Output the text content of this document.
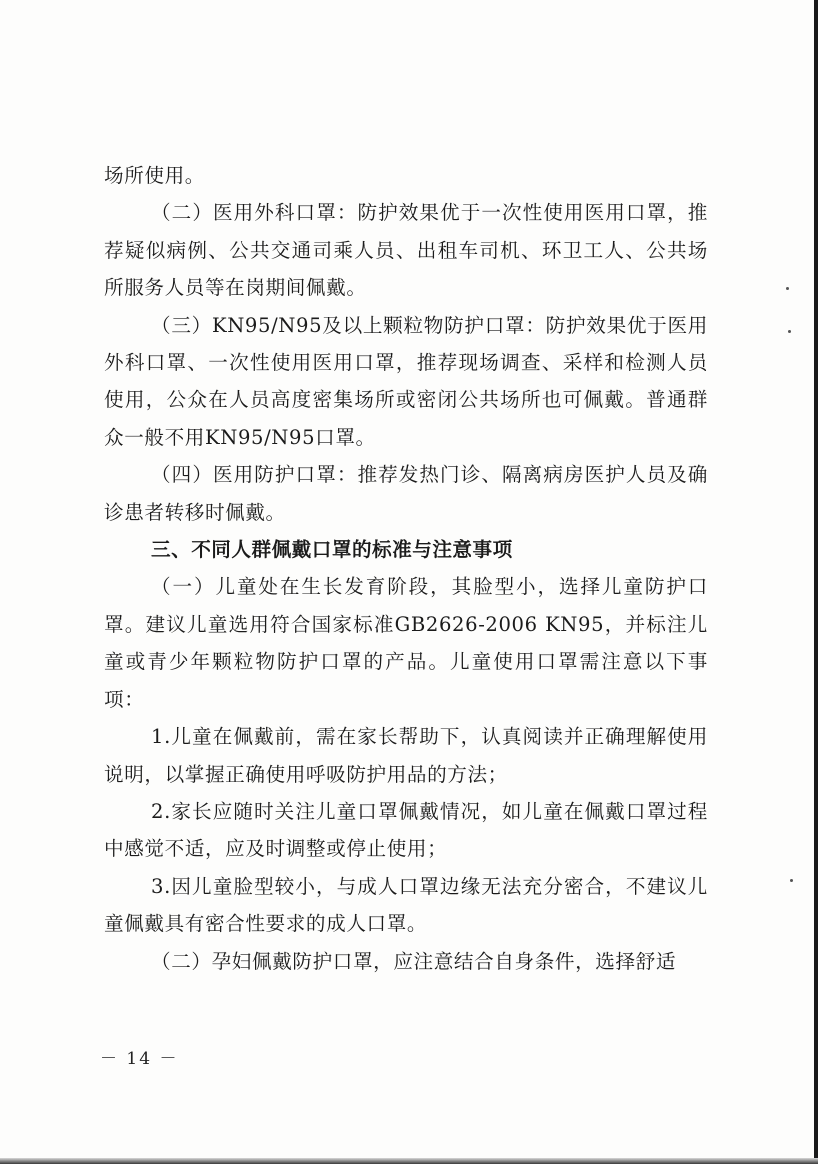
场所使用。

（二）医用外科口罩：防护效果优于一次性使用医用口罩，推荐疑似病例、公共交通司乘人员、出租车司机、环卫工人、公共场所服务人员等在岗期间佩戴。

（三）KN95/N95及以上颗粒物防护口罩：防护效果优于医用外科口罩、一次性使用医用口罩，推荐现场调查、采样和检测人员使用，公众在人员高度密集场所或密闭公共场所也可佩戴。普通群众一般不用KN95/N95口罩。

（四）医用防护口罩：推荐发热门诊、隔离病房医护人员及确诊患者转移时佩戴。

三、不同人群佩戴口罩的标准与注意事项

（一）儿童处在生长发育阶段，其脸型小，选择儿童防护口罩。建议儿童选用符合国家标准GB2626-2006 KN95，并标注儿童或青少年颗粒物防护口罩的产品。儿童使用口罩需注意以下事项：

1.儿童在佩戴前，需在家长帮助下，认真阅读并正确理解使用说明，以掌握正确使用呼吸防护用品的方法；

2.家长应随时关注儿童口罩佩戴情况，如儿童在佩戴口罩过程中感觉不适，应及时调整或停止使用；

3.因儿童脸型较小，与成人口罩边缘无法充分密合，不建议儿童佩戴具有密合性要求的成人口罩。

（二）孕妇佩戴防护口罩，应注意结合自身条件，选择舒适

－ 14 －
